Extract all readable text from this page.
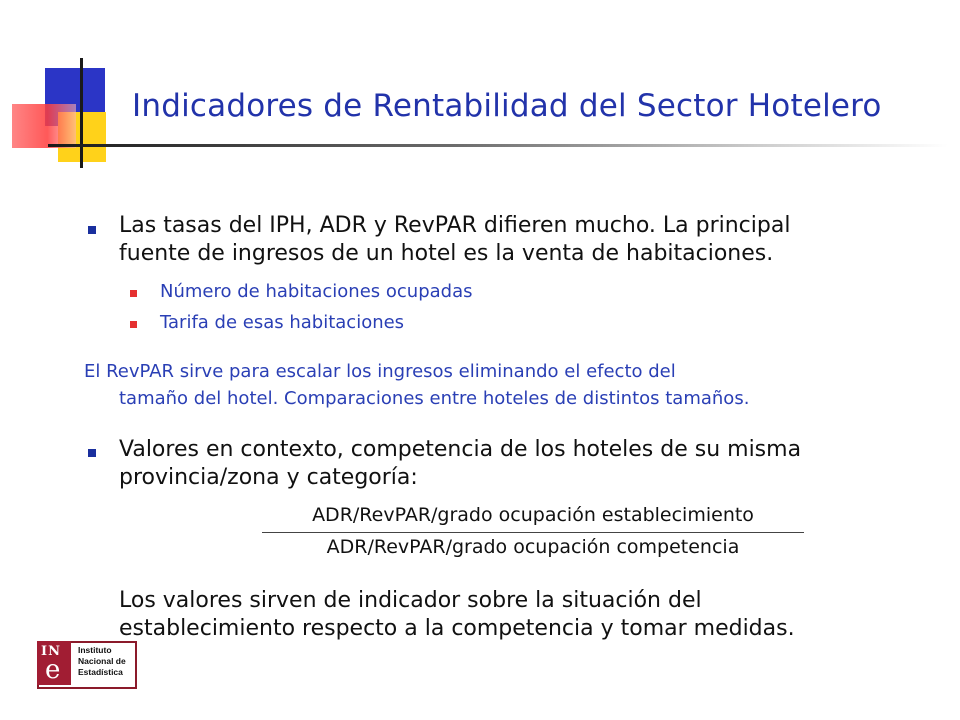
Indicadores de Rentabilidad del Sector Hotelero

Las tasas del IPH, ADR y RevPAR difieren mucho. La principal

fuente de ingresos de un hotel es la venta de habitaciones.

Número de habitaciones ocupadas

Tarifa de esas habitaciones

El RevPAR sirve para escalar los ingresos eliminando el efecto del

tamaño del hotel. Comparaciones entre hoteles de distintos tamaños.

Valores en contexto, competencia de los hoteles de su misma

provincia/zona y categoría:

ADR/RevPAR/grado ocupación establecimiento

ADR/RevPAR/grado ocupación competencia

Los valores sirven de indicador sobre la situación del

establecimiento respecto a la competencia y tomar medidas.

IN
e
Instituto
Nacional de
Estadística
